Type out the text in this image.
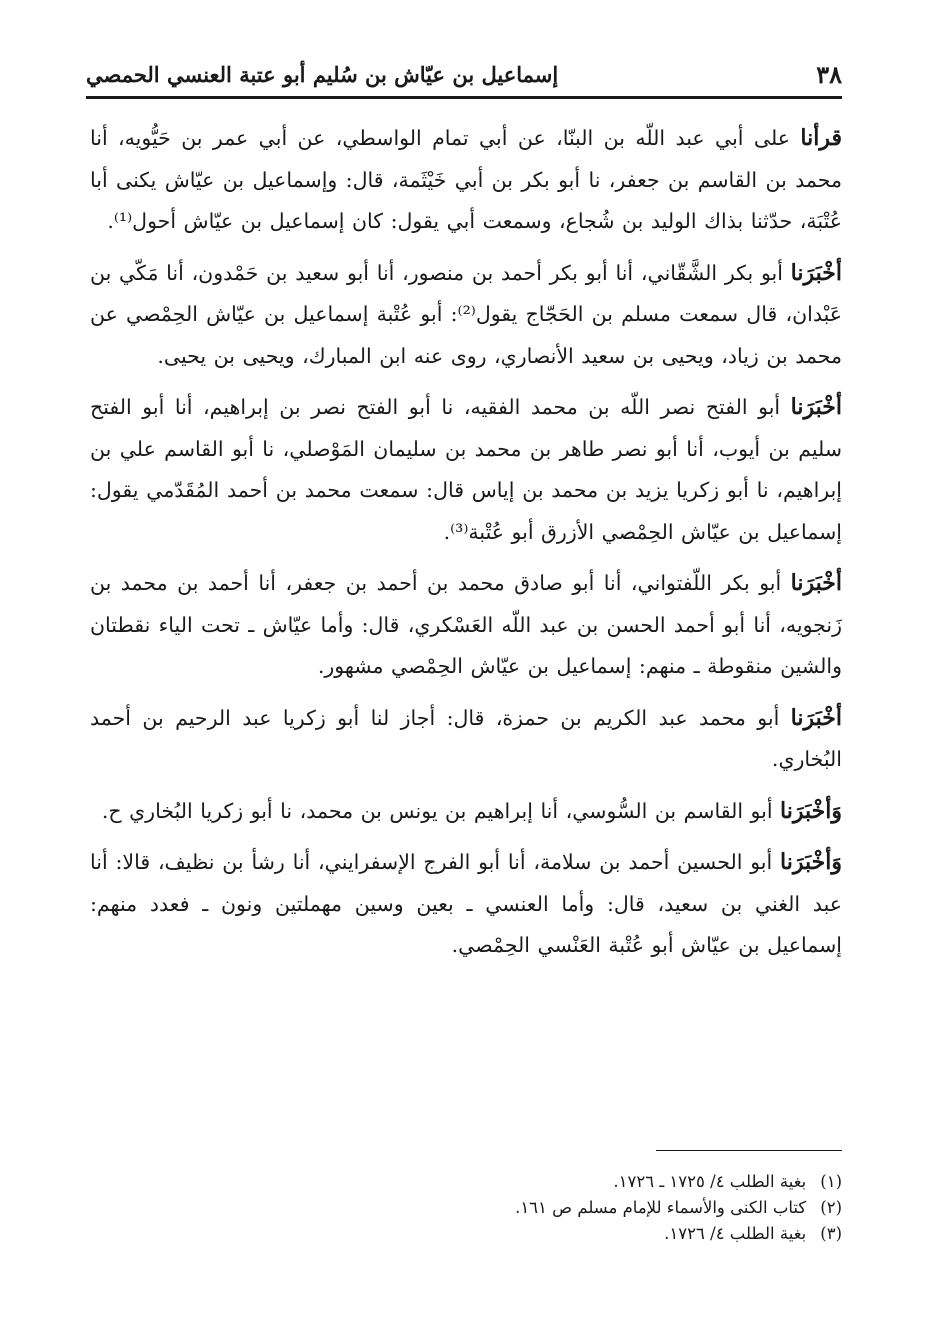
٣٨
إسماعيل بن عيّاش بن سُليم أبو عتبة العنسي الحمصي

قرأنا على أبي عبد اللّه بن البنّا، عن أبي تمام الواسطي، عن أبي عمر بن حَيُّويه، أنا محمد بن القاسم بن جعفر، نا أبو بكر بن أبي خَيْثَمة، قال: وإسماعيل بن عيّاش يكنى أبا عُتْبَة، حدّثنا بذاك الوليد بن شُجاع، وسمعت أبي يقول: كان إسماعيل بن عيّاش أحول⁽¹⁾.

أخْبَرَنا أبو بكر الشَّقّاني، أنا أبو بكر أحمد بن منصور، أنا أبو سعيد بن حَمْدون، أنا مَكّي بن عَبْدان، قال سمعت مسلم بن الحَجّاج يقول⁽²⁾: أبو عُتْبة إسماعيل بن عيّاش الحِمْصي عن محمد بن زياد، ويحيى بن سعيد الأنصاري، روى عنه ابن المبارك، ويحيى بن يحيى.

أخْبَرَنا أبو الفتح نصر اللّه بن محمد الفقيه، نا أبو الفتح نصر بن إبراهيم، أنا أبو الفتح سليم بن أيوب، أنا أبو نصر طاهر بن محمد بن سليمان المَوْصلي، نا أبو القاسم علي بن إبراهيم، نا أبو زكريا يزيد بن محمد بن إياس قال: سمعت محمد بن أحمد المُقَدّمي يقول: إسماعيل بن عيّاش الحِمْصي الأزرق أبو عُتْبة⁽³⁾.

أخْبَرَنا أبو بكر اللّفتواني، أنا أبو صادق محمد بن أحمد بن جعفر، أنا أحمد بن محمد بن زَنجويه، أنا أبو أحمد الحسن بن عبد اللّه العَسْكري، قال: وأما عيّاش ـ تحت الياء نقطتان والشين منقوطة ـ منهم: إسماعيل بن عيّاش الحِمْصي مشهور.

أخْبَرَنا أبو محمد عبد الكريم بن حمزة، قال: أجاز لنا أبو زكريا عبد الرحيم بن أحمد البُخاري.

وَأخْبَرَنا أبو القاسم بن السُّوسي، أنا إبراهيم بن يونس بن محمد، نا أبو زكريا البُخاري ح.

وَأخْبَرَنا أبو الحسين أحمد بن سلامة، أنا أبو الفرج الإسفرايني، أنا رشأ بن نظيف، قالا: أنا عبد الغني بن سعيد، قال: وأما العنسي ـ بعين وسين مهملتين ونون ـ فعدد منهم: إسماعيل بن عيّاش أبو عُتْبة العَنْسي الحِمْصي.

(١)بغية الطلب ٤/ ١٧٢٥ ـ ١٧٢٦.

(٢)كتاب الكنى والأسماء للإمام مسلم ص ١٦١.

(٣)بغية الطلب ٤/ ١٧٢٦.
